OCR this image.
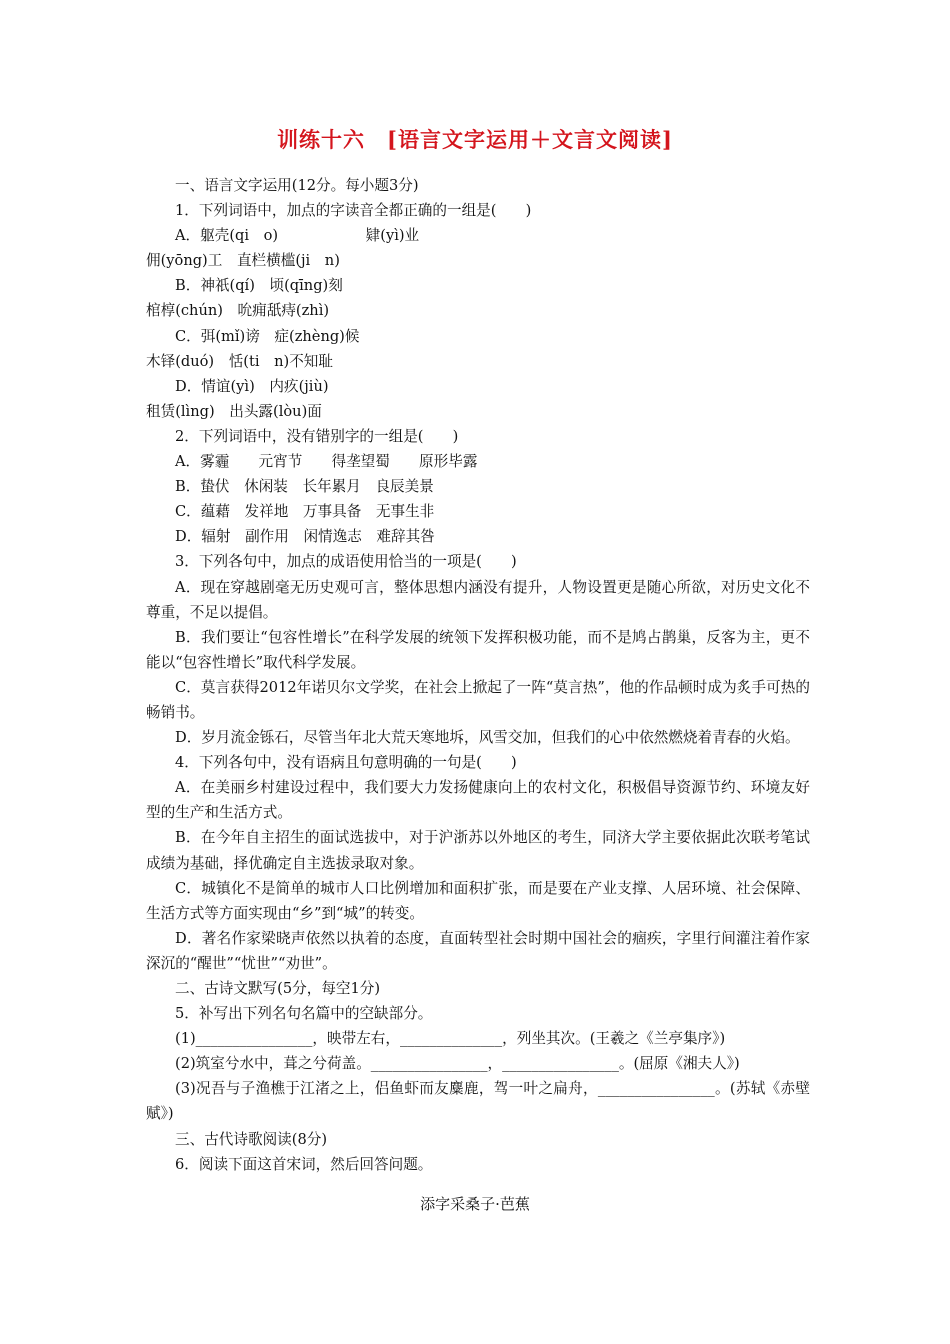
训练十六　[语言文字运用＋文言文阅读]
一、语言文字运用(12分。每小题3分)
1．下列词语中，加点的字读音全都正确的一组是(　　)
A．躯壳(qi　o)　　　　　　肄(yì)业
佣(yōng)工　直栏横槛(ji　n)
B．神祇(qí)　顷(qīng)刻
棺椁(chún)　吮痈舐痔(zhì)
C．弭(mǐ)谤　症(zhèng)候
木铎(duó)　恬(ti　n)不知耻
D．情谊(yì)　内疚(jiù)
租赁(lìng)　出头露(lòu)面
2．下列词语中，没有错别字的一组是(　　)
A．雾霾　　元宵节　　得垄望蜀　　原形毕露
B．蛰伏　休闲装　长年累月　良辰美景
C．蕴藉　发祥地　万事具备　无事生非
D．辐射　副作用　闲情逸志　难辞其咎
3．下列各句中，加点的成语使用恰当的一项是(　　)
A．现在穿越剧毫无历史观可言，整体思想内涵没有提升，人物设置更是随心所欲，对历史文化不尊重，不足以提倡。
B．我们要让“包容性增长”在科学发展的统领下发挥积极功能，而不是鸠占鹊巢，反客为主，更不能以“包容性增长”取代科学发展。
C．莫言获得2012年诺贝尔文学奖，在社会上掀起了一阵“莫言热”，他的作品顿时成为炙手可热的畅销书。
D．岁月流金铄石，尽管当年北大荒天寒地坼，风雪交加，但我们的心中依然燃烧着青春的火焰。
4．下列各句中，没有语病且句意明确的一句是(　　)
A．在美丽乡村建设过程中，我们要大力发扬健康向上的农村文化，积极倡导资源节约、环境友好型的生产和生活方式。
B．在今年自主招生的面试选拔中，对于沪浙苏以外地区的考生，同济大学主要依据此次联考笔试成绩为基础，择优确定自主选拔录取对象。
C．城镇化不是简单的城市人口比例增加和面积扩张，而是要在产业支撑、人居环境、社会保障、生活方式等方面实现由“乡”到“城”的转变。
D．著名作家梁晓声依然以执着的态度，直面转型社会时期中国社会的痼疾，字里行间灌注着作家深沉的“醒世”“忧世”“劝世”。
二、古诗文默写(5分，每空1分)
5．补写出下列名句名篇中的空缺部分。
(1)________________，映带左右，______________，列坐其次。(王羲之《兰亭集序》)
(2)筑室兮水中，葺之兮荷盖。________________，________________。(屈原《湘夫人》)
(3)况吾与子渔樵于江渚之上，侣鱼虾而友麋鹿，驾一叶之扁舟，________________。(苏轼《赤壁赋》)
三、古代诗歌阅读(8分)
6．阅读下面这首宋词，然后回答问题。
添字采桑子·芭蕉
